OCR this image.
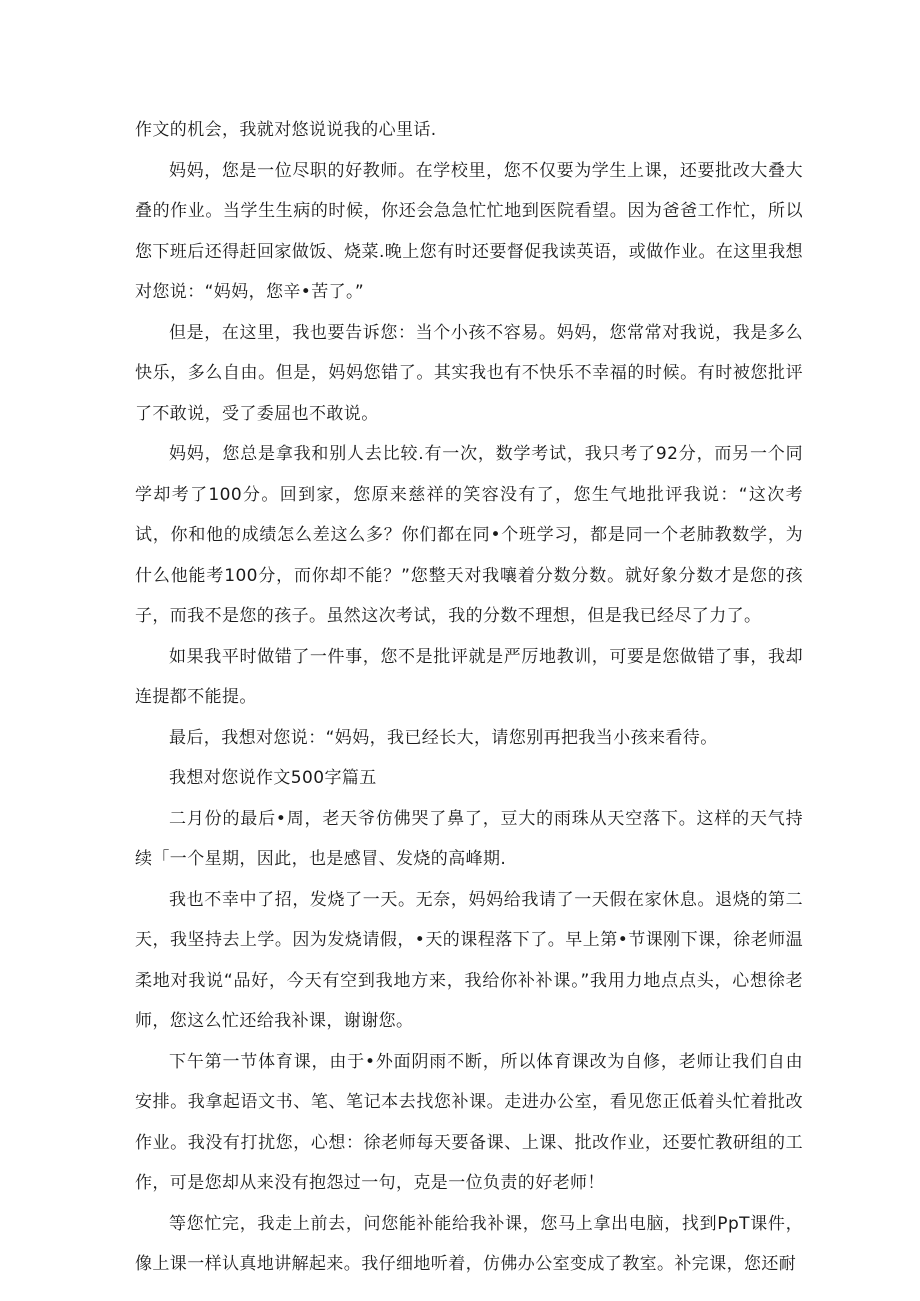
作文的机会，我就对悠说说我的心里话.

妈妈，您是一位尽职的好教师。在学校里，您不仅要为学生上课，还要批改大叠大叠的作业。当学生生病的时候，你还会急急忙忙地到医院看望。因为爸爸工作忙，所以您下班后还得赶回家做饭、烧菜.晚上您有时还要督促我读英语，或做作业。在这里我想对您说：“妈妈，您辛•苦了。”

但是，在这里，我也要告诉您：当个小孩不容易。妈妈，您常常对我说，我是多么快乐，多么自由。但是，妈妈您错了。其实我也有不快乐不幸福的时候。有时被您批评了不敢说，受了委屈也不敢说。

妈妈，您总是拿我和别人去比较.有一次，数学考试，我只考了92分，而另一个同学却考了100分。回到家，您原来慈祥的笑容没有了，您生气地批评我说：“这次考试，你和他的成绩怎么差这么多？你们都在同•个班学习，都是同一个老肺教数学，为什么他能考100分，而你却不能？”您整天对我嚷着分数分数。就好象分数才是您的孩子，而我不是您的孩子。虽然这次考试，我的分数不理想，但是我已经尽了力了。

如果我平时做错了一件事，您不是批评就是严厉地教训，可要是您做错了事，我却连提都不能提。

最后，我想对您说：“妈妈，我已经长大，请您别再把我当小孩来看待。

我想对您说作文500字篇五

二月份的最后•周，老天爷仿佛哭了鼻了，豆大的雨珠从天空落下。这样的天气持续「一个星期，因此，也是感冒、发烧的高峰期.

我也不幸中了招，发烧了一天。无奈，妈妈给我请了一天假在家休息。退烧的第二天，我坚持去上学。因为发烧请假，•天的课程落下了。早上第•节课刚下课，徐老师温柔地对我说“品好，今天有空到我地方来，我给你补补课。”我用力地点点头，心想徐老师，您这么忙还给我补课，谢谢您。

下午第一节体育课，由于•外面阴雨不断，所以体育课改为自修，老师让我们自由安排。我拿起语文书、笔、笔记本去找您补课。走进办公室，看见您正低着头忙着批改作业。我没有打扰您，心想：徐老师每天要备课、上课、批改作业，还要忙教研组的工作，可是您却从来没有抱怨过一句，克是一位负责的好老师！

等您忙完，我走上前去，问您能补能给我补课，您马上拿出电脑，找到PpT课件，像上课一样认真地讲解起来。我仔细地听着，仿佛办公室变成了教室。补完课，您还耐
